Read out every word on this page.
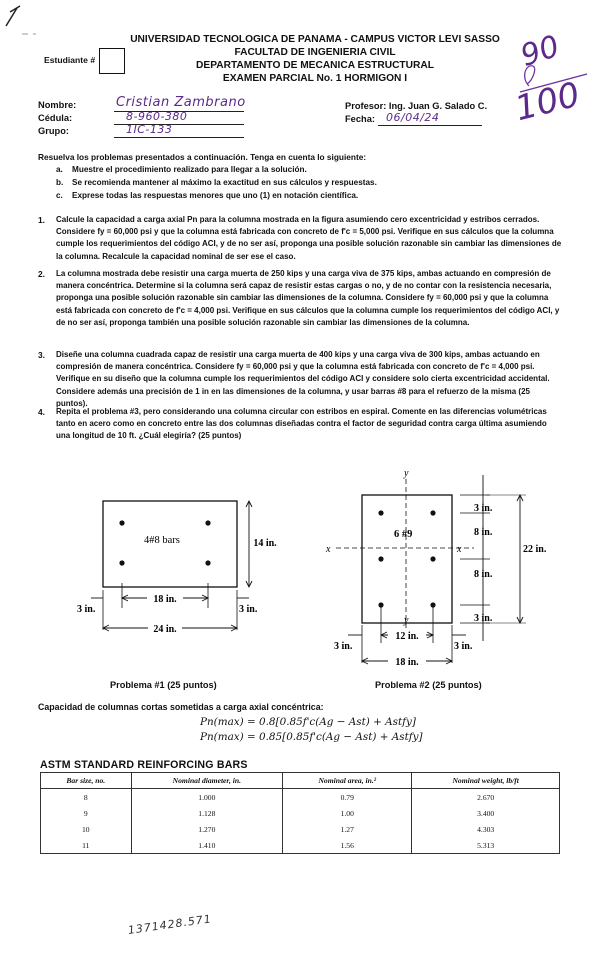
UNIVERSIDAD TECNOLOGICA DE PANAMA - CAMPUS VICTOR LEVI SASSO
FACULTAD DE INGENIERIA CIVIL
DEPARTAMENTO DE MECANICA ESTRUCTURAL
EXAMEN PARCIAL No. 1 HORMIGON I
Estudiante #	90
100
Nombre:	Cristian Zambrano
Cédula:	8-960-380
Grupo:	1IC-133
Profesor: Ing. Juan G. Salado C.
Fecha: 06/04/24
Resuelva los problemas presentados a continuación. Tenga en cuenta lo siguiente:
a. Muestre el procedimiento realizado para llegar a la solución.
b. Se recomienda mantener al máximo la exactitud en sus cálculos y respuestas.
c. Exprese todas las respuestas menores que uno (1) en notación científica.
1. Calcule la capacidad a carga axial Pn para la columna mostrada en la figura asumiendo cero excentricidad y estribos cerrados. Considere fy = 60,000 psi y que la columna está fabricada con concreto de f'c = 5,000 psi. Verifique en sus cálculos que la columna cumple los requerimientos del código ACI, y de no ser así, proponga una posible solución razonable sin cambiar las dimensiones de la columna. Recalcule la capacidad nominal de ser ese el caso.
2. La columna mostrada debe resistir una carga muerta de 250 kips y una carga viva de 375 kips, ambas actuando en compresión de manera concéntrica. Determine si la columna será capaz de resistir estas cargas o no, y de no contar con la resistencia necesaria, proponga una posible solución razonable sin cambiar las dimensiones de la columna. Considere fy = 60,000 psi y que la columna está fabricada con concreto de f'c = 4,000 psi. Verifique en sus cálculos que la columna cumple los requerimientos del código ACI, y de no ser así, proponga también una posible solución razonable sin cambiar las dimensiones de la columna.
3. Diseñe una columna cuadrada capaz de resistir una carga muerta de 400 kips y una carga viva de 300 kips, ambas actuando en compresión de manera concéntrica. Considere fy = 60,000 psi y que la columna está fabricada con concreto de f'c = 4,000 psi. Verifique en su diseño que la columna cumple los requerimientos del código ACI y considere solo cierta excentricidad accidental. Considere además una precisión de 1 in en las dimensiones de la columna, y usar barras #8 para el refuerzo de la misma (25 puntos).
4. Repita el problema #3, pero considerando una columna circular con estribos en espiral. Comente en las diferencias volumétricas tanto en acero como en concreto entre las dos columnas diseñadas contra el factor de seguridad contra carga última asumiendo una longitud de 10 ft. ¿Cuál elegiría? (25 puntos)
4#8 bars	14 in.
18 in.
3 in.	3 in.
24 in.
Problema #1 (25 puntos)
y
y
x	x
6 #9
3 in.
8 in.
8 in.
3 in.
22 in.
12 in.
3 in.	3 in.
18 in.
Problema #2 (25 puntos)
Capacidad de columnas cortas sometidas a carga axial concéntrica:
Pn(max) = 0.8[0.85f'c(Ag − Ast) + Astfy]
Pn(max) = 0.85[0.85f'c(Ag − Ast) + Astfy]
ASTM STANDARD REINFORCING BARS
Bar size, no.	Nominal diameter, in.	Nominal area, in.²	Nominal weight, lb/ft
8	1.000	0.79	2.670
9	1.128	1.00	3.400
10	1.270	1.27	4.303
11	1.410	1.56	5.313
1371428.571
